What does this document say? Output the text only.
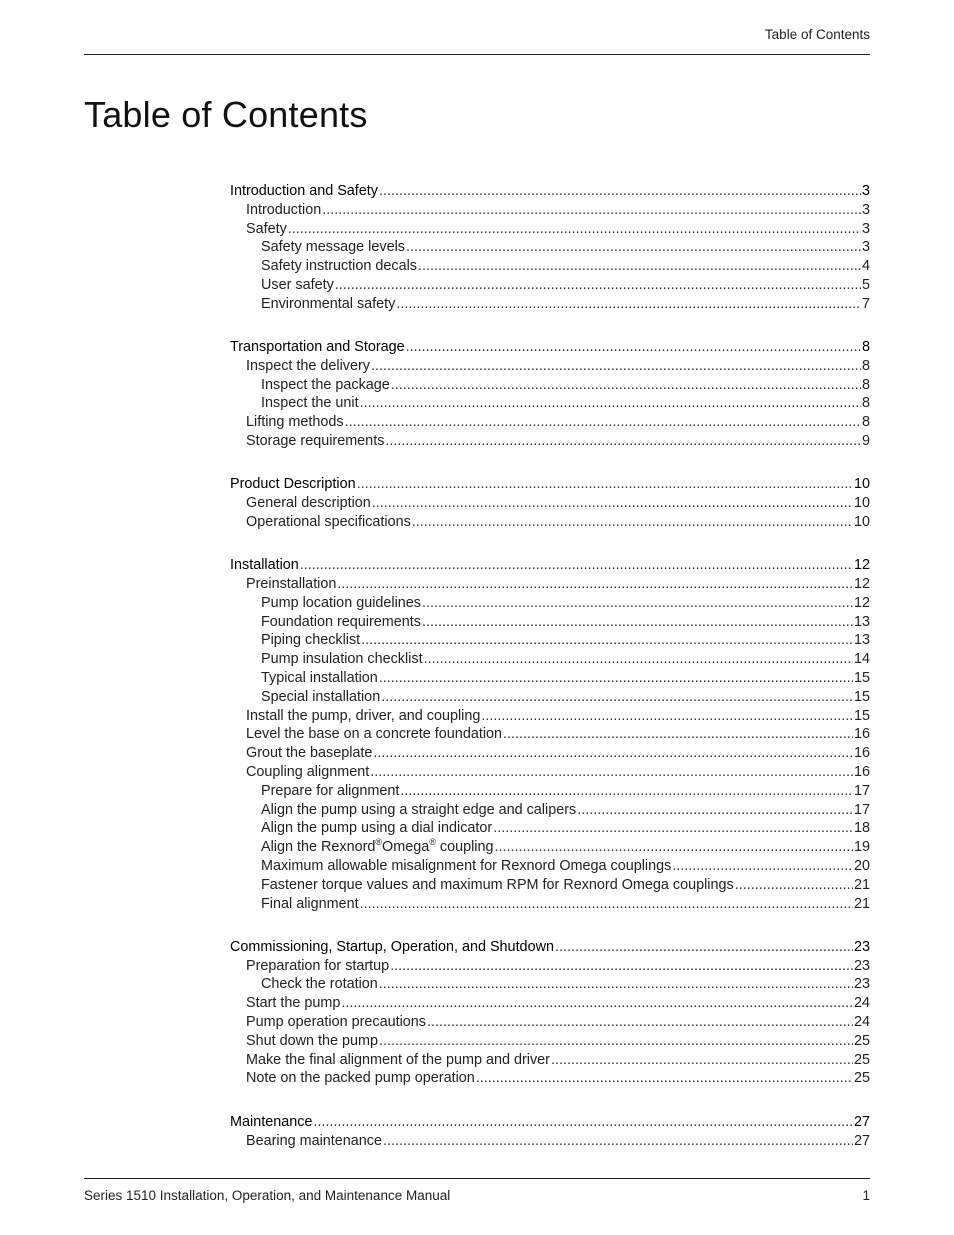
Table of Contents
Table of Contents
Introduction and Safety .....	3
Introduction .....	3
Safety .....	3
Safety message levels .....	3
Safety instruction decals .....	4
User safety .....	5
Environmental safety .....	7
Transportation and Storage .....	8
Inspect the delivery .....	8
Inspect the package .....	8
Inspect the unit .....	8
Lifting methods .....	8
Storage requirements .....	9
Product Description .....	10
General description .....	10
Operational specifications .....	10
Installation .....	12
Preinstallation .....	12
Pump location guidelines .....	12
Foundation requirements .....	13
Piping checklist .....	13
Pump insulation checklist .....	14
Typical installation .....	15
Special installation .....	15
Install the pump, driver, and coupling .....	15
Level the base on a concrete foundation .....	16
Grout the baseplate .....	16
Coupling alignment .....	16
Prepare for alignment .....	17
Align the pump using a straight edge and calipers .....	17
Align the pump using a dial indicator .....	18
Align the Rexnord®Omega® coupling .....	19
Maximum allowable misalignment for Rexnord Omega couplings .....	20
Fastener torque values and maximum RPM for Rexnord Omega couplings .....	21
Final alignment .....	21
Commissioning, Startup, Operation, and Shutdown .....	23
Preparation for startup .....	23
Check the rotation .....	23
Start the pump .....	24
Pump operation precautions .....	24
Shut down the pump .....	25
Make the final alignment of the pump and driver .....	25
Note on the packed pump operation .....	25
Maintenance .....	27
Bearing maintenance .....	27
Series 1510 Installation, Operation, and Maintenance Manual	1
